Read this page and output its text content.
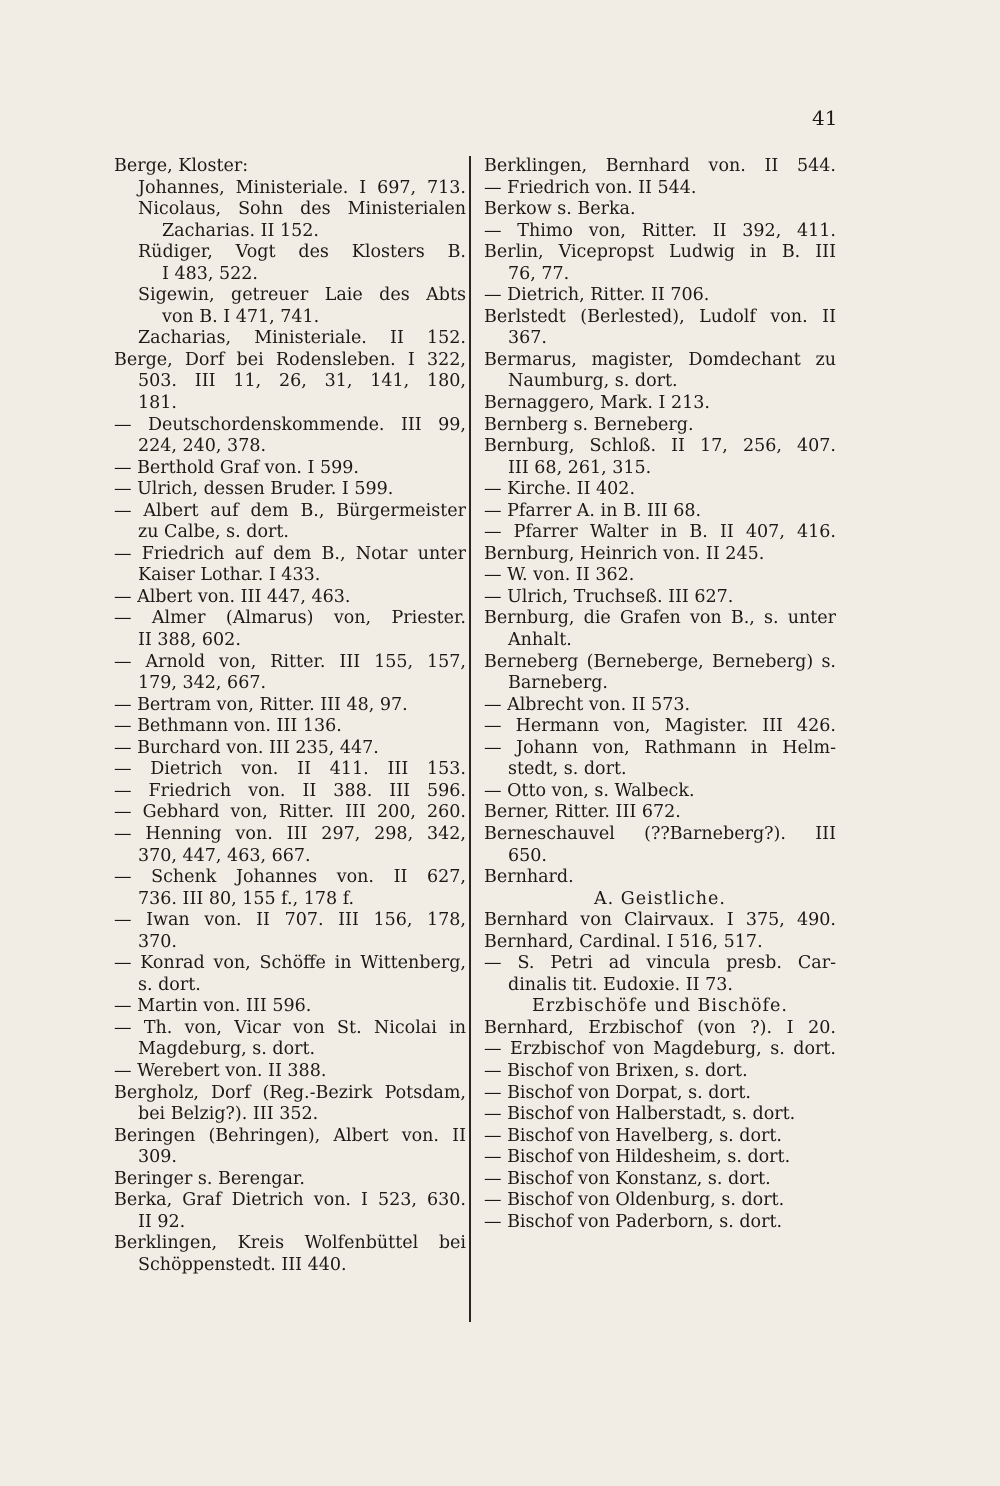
41
Berge, Kloster:
Johannes, Ministeriale. I 697, 713.
Nicolaus, Sohn des Ministerialen
Zacharias. II 152.
Rüdiger, Vogt des Klosters B.
I 483, 522.
Sigewin, getreuer Laie des Abts
von B. I 471, 741.
Zacharias, Ministeriale. II 152.
Berge, Dorf bei Rodensleben. I 322,
503. III 11, 26, 31, 141, 180,
181.
— Deutschordenskommende. III 99,
224, 240, 378.
— Berthold Graf von. I 599.
— Ulrich, dessen Bruder. I 599.
— Albert auf dem B., Bürgermeister
zu Calbe, s. dort.
— Friedrich auf dem B., Notar unter
Kaiser Lothar. I 433.
— Albert von. III 447, 463.
— Almer (Almarus) von, Priester.
II 388, 602.
— Arnold von, Ritter. III 155, 157,
179, 342, 667.
— Bertram von, Ritter. III 48, 97.
— Bethmann von. III 136.
— Burchard von. III 235, 447.
— Dietrich von. II 411. III 153.
— Friedrich von. II 388. III 596.
— Gebhard von, Ritter. III 200, 260.
— Henning von. III 297, 298, 342,
370, 447, 463, 667.
— Schenk Johannes von. II 627,
736. III 80, 155 f., 178 f.
— Iwan von. II 707. III 156, 178,
370.
— Konrad von, Schöffe in Wittenberg,
s. dort.
— Martin von. III 596.
— Th. von, Vicar von St. Nicolai in
Magdeburg, s. dort.
— Werebert von. II 388.
Bergholz, Dorf (Reg.-Bezirk Potsdam,
bei Belzig?). III 352.
Beringen (Behringen), Albert von. II
309.
Beringer s. Berengar.
Berka, Graf Dietrich von. I 523, 630.
II 92.
Berklingen, Kreis Wolfenbüttel bei
Schöppenstedt. III 440.
Berklingen, Bernhard von. II 544.
— Friedrich von. II 544.
Berkow s. Berka.
— Thimo von, Ritter. II 392, 411.
Berlin, Vicepropst Ludwig in B. III
76, 77.
— Dietrich, Ritter. II 706.
Berlstedt (Berlested), Ludolf von. II
367.
Bermarus, magister, Domdechant zu
Naumburg, s. dort.
Bernaggero, Mark. I 213.
Bernberg s. Berneberg.
Bernburg, Schloß. II 17, 256, 407.
III 68, 261, 315.
— Kirche. II 402.
— Pfarrer A. in B. III 68.
— Pfarrer Walter in B. II 407, 416.
Bernburg, Heinrich von. II 245.
— W. von. II 362.
— Ulrich, Truchseß. III 627.
Bernburg, die Grafen von B., s. unter
Anhalt.
Berneberg (Berneberge, Berneberg) s.
Barneberg.
— Albrecht von. II 573.
— Hermann von, Magister. III 426.
— Johann von, Rathmann in Helm-
stedt, s. dort.
— Otto von, s. Walbeck.
Berner, Ritter. III 672.
Berneschauvel (??Barneberg?). III
650.
Bernhard.
A. Geistliche.
Bernhard von Clairvaux. I 375, 490.
Bernhard, Cardinal. I 516, 517.
— S. Petri ad vincula presb. Car-
dinalis tit. Eudoxie. II 73.
Erzbischöfe und Bischöfe.
Bernhard, Erzbischof (von ?). I 20.
— Erzbischof von Magdeburg, s. dort.
— Bischof von Brixen, s. dort.
— Bischof von Dorpat, s. dort.
— Bischof von Halberstadt, s. dort.
— Bischof von Havelberg, s. dort.
— Bischof von Hildesheim, s. dort.
— Bischof von Konstanz, s. dort.
— Bischof von Oldenburg, s. dort.
— Bischof von Paderborn, s. dort.
